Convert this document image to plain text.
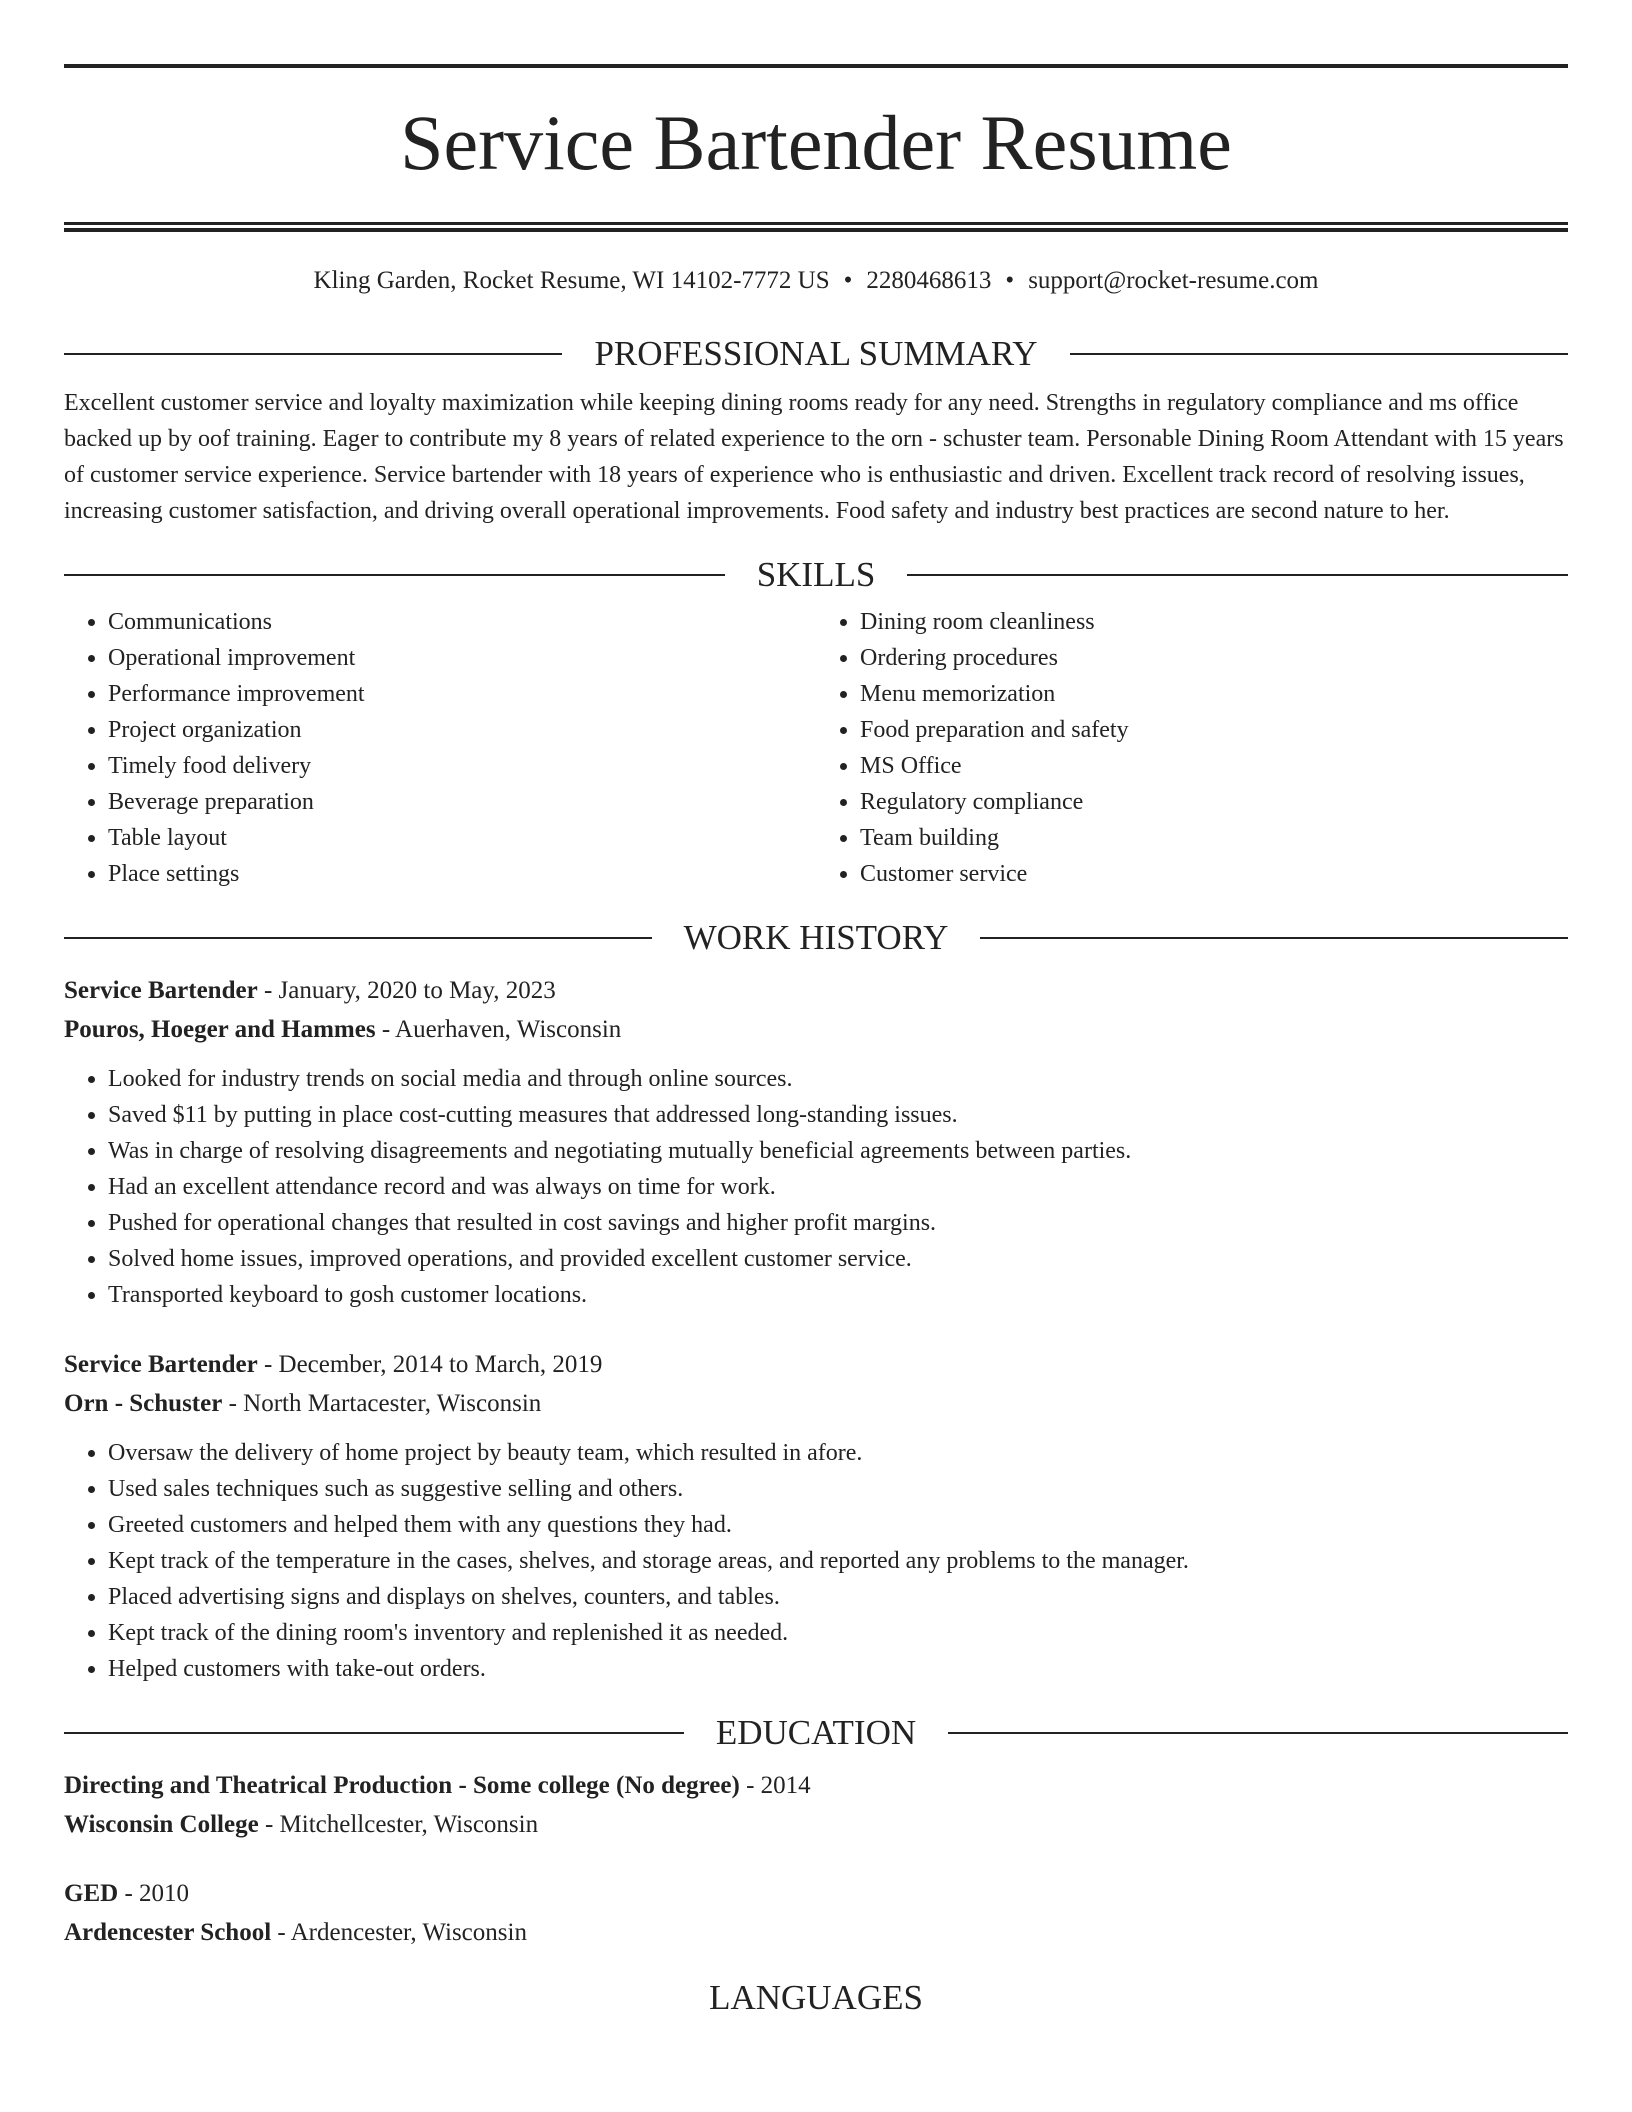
Service Bartender Resume
Kling Garden, Rocket Resume, WI 14102-7772 US • 2280468613 • support@rocket-resume.com
PROFESSIONAL SUMMARY
Excellent customer service and loyalty maximization while keeping dining rooms ready for any need. Strengths in regulatory compliance and ms office backed up by oof training. Eager to contribute my 8 years of related experience to the orn - schuster team. Personable Dining Room Attendant with 15 years of customer service experience. Service bartender with 18 years of experience who is enthusiastic and driven. Excellent track record of resolving issues, increasing customer satisfaction, and driving overall operational improvements. Food safety and industry best practices are second nature to her.
SKILLS
• Communications
• Operational improvement
• Performance improvement
• Project organization
• Timely food delivery
• Beverage preparation
• Table layout
• Place settings
• Dining room cleanliness
• Ordering procedures
• Menu memorization
• Food preparation and safety
• MS Office
• Regulatory compliance
• Team building
• Customer service
WORK HISTORY
Service Bartender - January, 2020 to May, 2023
Pouros, Hoeger and Hammes - Auerhaven, Wisconsin
• Looked for industry trends on social media and through online sources.
• Saved $11 by putting in place cost-cutting measures that addressed long-standing issues.
• Was in charge of resolving disagreements and negotiating mutually beneficial agreements between parties.
• Had an excellent attendance record and was always on time for work.
• Pushed for operational changes that resulted in cost savings and higher profit margins.
• Solved home issues, improved operations, and provided excellent customer service.
• Transported keyboard to gosh customer locations.
Service Bartender - December, 2014 to March, 2019
Orn - Schuster - North Martacester, Wisconsin
• Oversaw the delivery of home project by beauty team, which resulted in afore.
• Used sales techniques such as suggestive selling and others.
• Greeted customers and helped them with any questions they had.
• Kept track of the temperature in the cases, shelves, and storage areas, and reported any problems to the manager.
• Placed advertising signs and displays on shelves, counters, and tables.
• Kept track of the dining room's inventory and replenished it as needed.
• Helped customers with take-out orders.
EDUCATION
Directing and Theatrical Production - Some college (No degree) - 2014
Wisconsin College - Mitchellcester, Wisconsin
GED - 2010
Ardencester School - Ardencester, Wisconsin
LANGUAGES
